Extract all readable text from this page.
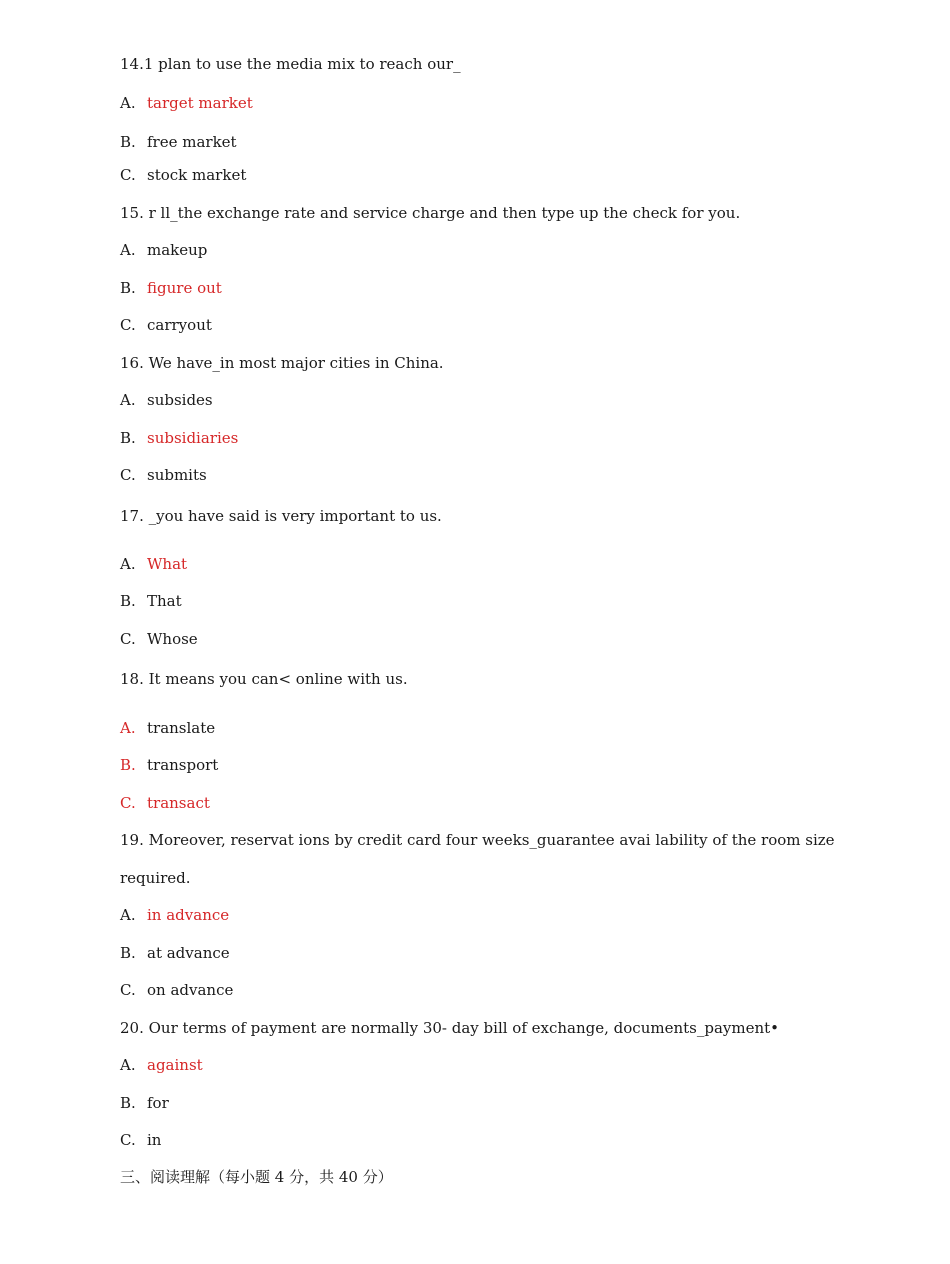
14.1 plan to use the media mix to reach our_
A. target market
B. free market
C. stock market
15. r ll_the exchange rate and service charge and then type up the check for you.
A. makeup
B. figure out
C. carryout
16. We have_in most major cities in China.
A. subsides
B. subsidiaries
C. submits
17. _you have said is very important to us.
A. What
B. That
C. Whose
18. It means you can< online with us.
A. translate
B. transport
C. transact
19. Moreover, reservat ions by credit card four weeks_guarantee avai lability of the room size
required.
A. in advance
B. at advance
C. on advance
20. Our terms of payment are normally 30- day bill of exchange, documents_payment•
A. against
B. for
C. in
三、阅读理解（每小题 4 分，共 40 分）
